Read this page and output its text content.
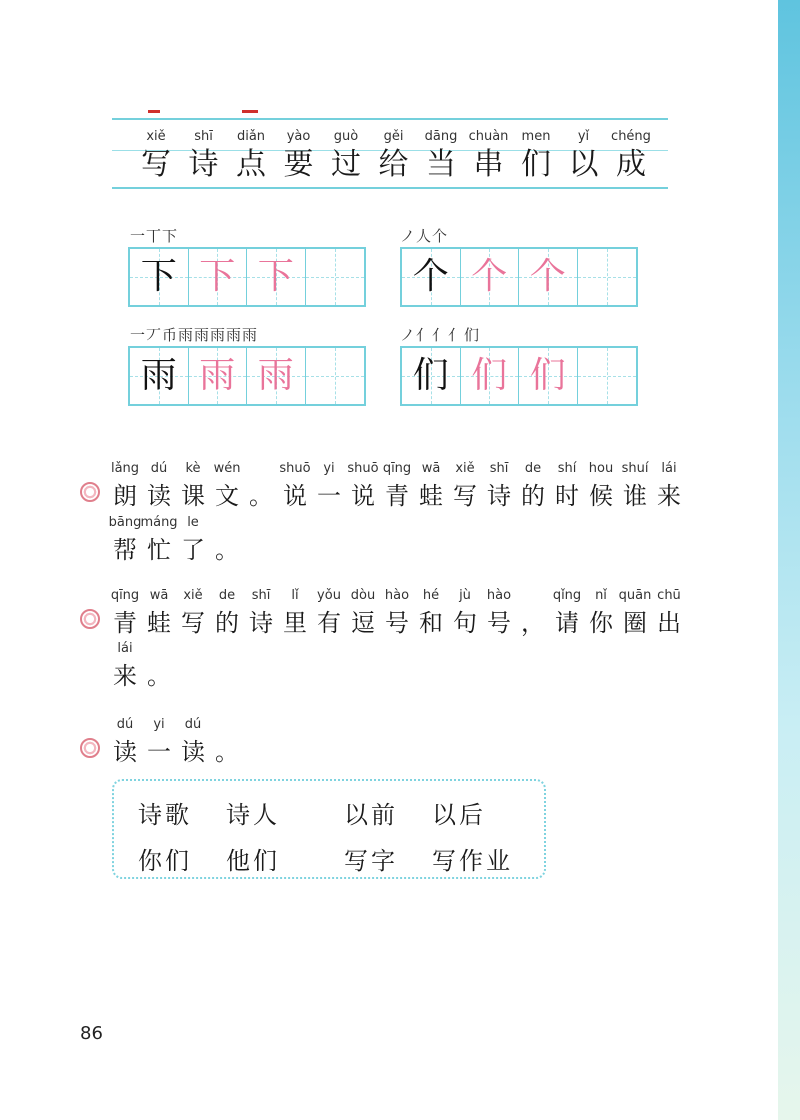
xiě
写
shī
诗
diǎn
点
yào
要
guò
过
gěi
给
dāng
当
chuàn
串
men
们
yǐ
以
chéng
成
一丅下
下 下 下
ノ人个
个 个 个
一丆币雨雨雨雨雨
雨 雨 雨
ノ亻亻亻们
们 们 们
lǎng
朗
dú
读
kè
课
wén
文 。
shuō
说
yi
一
shuō
说
qīng
青
wā
蛙
xiě
写
shī
诗
de
的
shí
时
hou
候
shuí
谁
lái
来
bāng
帮
máng
忙
le
了 。
qīng
青
wā
蛙
xiě
写
de
的
shī
诗
lǐ
里
yǒu
有
dòu
逗
hào
号
hé
和
jù
句
hào
号 ，
qǐng
请
nǐ
你
quān
圈
chū
出
lái
来 。
dú
读
yi
一
dú
读 。
诗歌 诗人	以前 以后
你们 他们	写字 写作业
86
